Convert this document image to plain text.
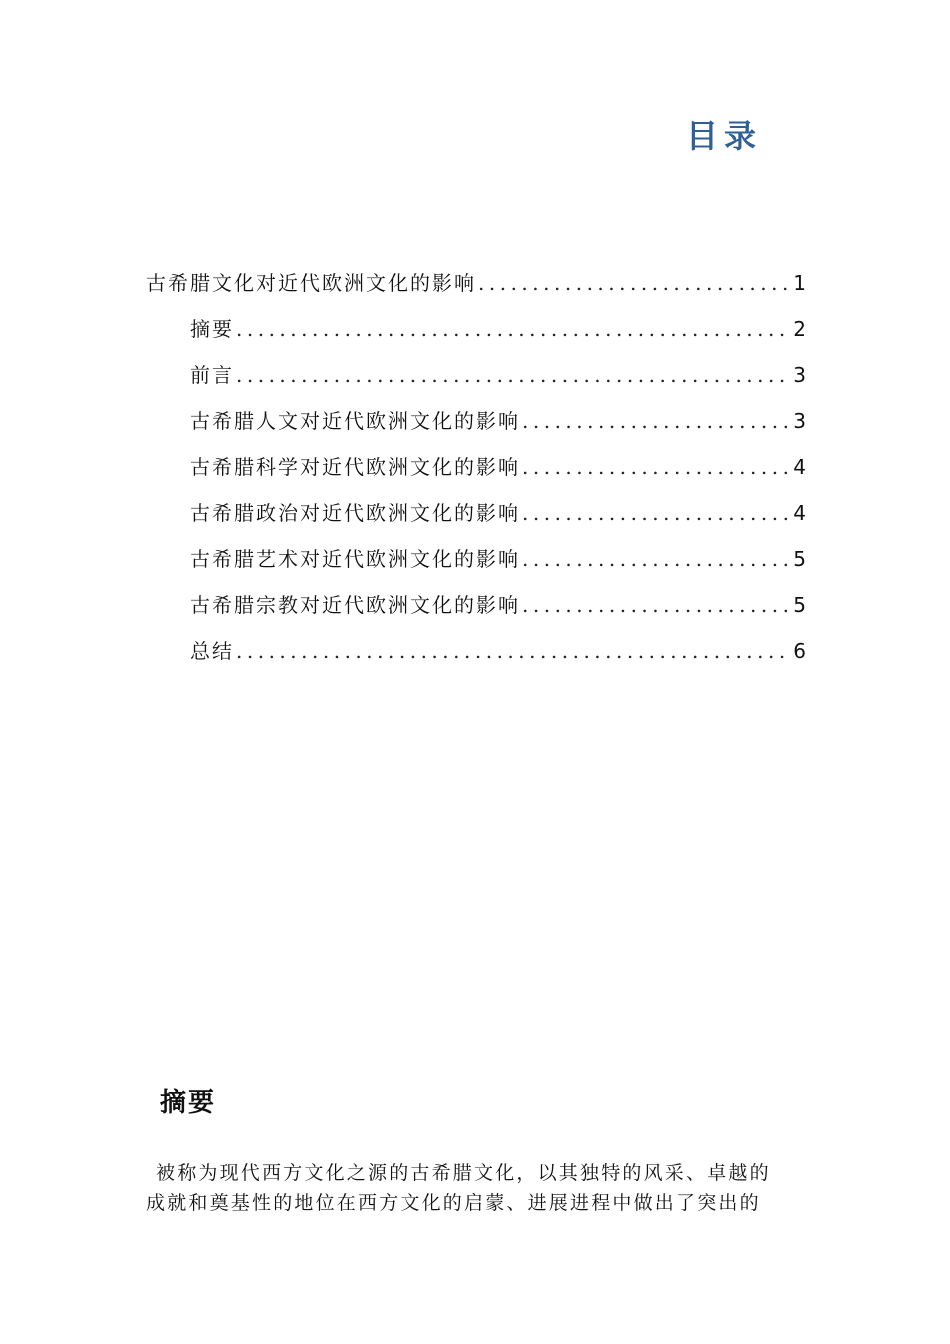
目录
古希腊文化对近代欧洲文化的影响 .....	1
摘要 .....	2
前言 .....	3
古希腊人文对近代欧洲文化的影响 .....	3
古希腊科学对近代欧洲文化的影响 .....	4
古希腊政治对近代欧洲文化的影响 .....	4
古希腊艺术对近代欧洲文化的影响 .....	5
古希腊宗教对近代欧洲文化的影响 .....	5
总结 .....	6
摘要
被称为现代西方文化之源的古希腊文化，以其独特的风采、卓越的
成就和奠基性的地位在西方文化的启蒙、进展进程中做出了突出的
